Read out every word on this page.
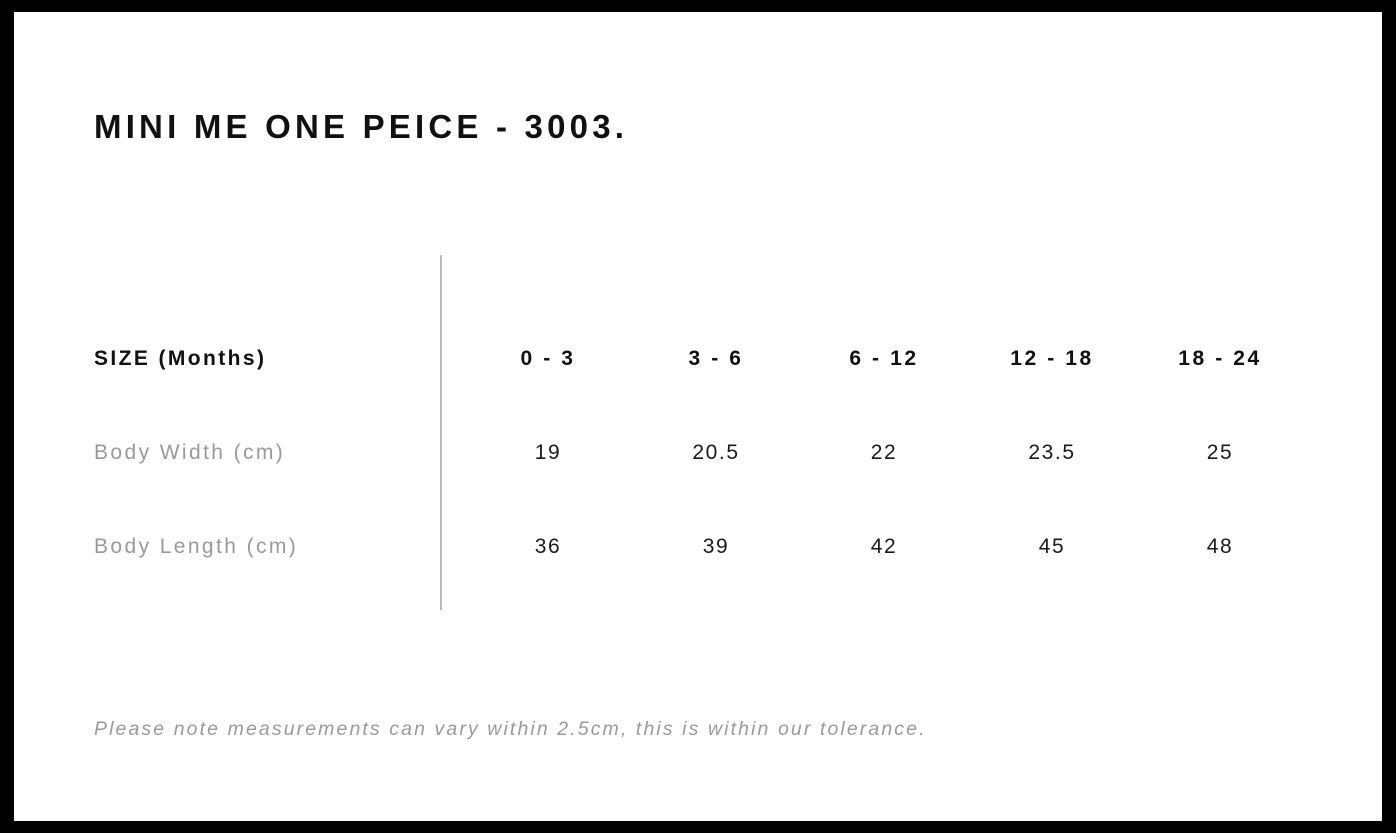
MINI ME ONE PEICE - 3003.
SIZE (Months)	0 - 3	3 - 6	6 - 12	12 - 18	18 - 24
Body Width (cm)	19	20.5	22	23.5	25
Body Length (cm)	36	39	42	45	48
Please note measurements can vary within 2.5cm, this is within our tolerance.
